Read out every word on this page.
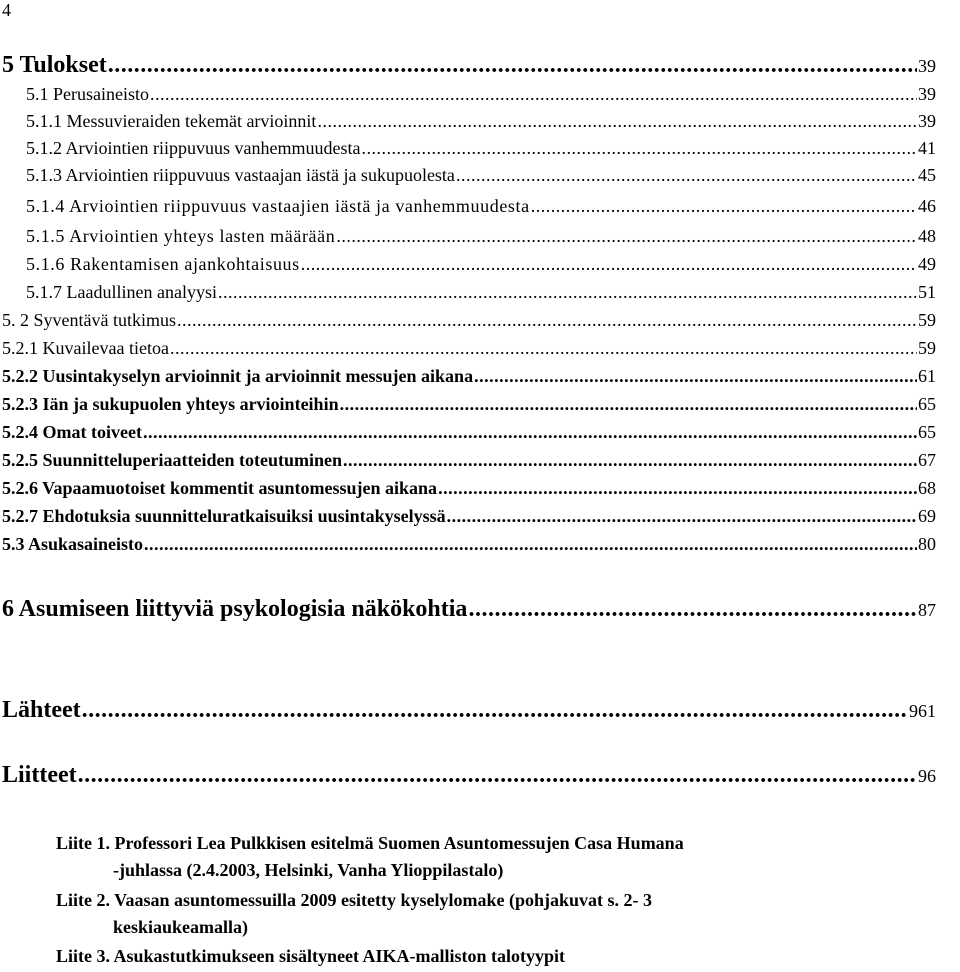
4
5 Tulokset .....	39
5.1 Perusaineisto .....	39
5.1.1 Messuvieraiden tekemät arvioinnit .....	39
5.1.2 Arviointien riippuvuus vanhemmuudesta .....	41
5.1.3 Arviointien riippuvuus vastaajan iästä ja sukupuolesta .....	45
5.1.4 Arviointien riippuvuus vastaajien iästä ja vanhemmuudesta .....	46
5.1.5 Arviointien yhteys lasten määrään .....	48
5.1.6 Rakentamisen ajankohtaisuus .....	49
5.1.7 Laadullinen analyysi .....	51
5. 2 Syventävä tutkimus .....	59
5.2.1 Kuvailevaa tietoa .....	59
5.2.2 Uusintakyselyn arvioinnit ja arvioinnit messujen aikana .....	61
5.2.3 Iän ja sukupuolen yhteys arviointeihin .....	65
5.2.4 Omat toiveet .....	65
5.2.5 Suunnitteluperiaatteiden toteutuminen .....	67
5.2.6 Vapaamuotoiset kommentit asuntomessujen aikana .....	68
5.2.7 Ehdotuksia suunnitteluratkaisuiksi uusintakyselyssä .....	69
5.3 Asukasaineisto .....	80
6 Asumiseen liittyviä psykologisia näkökohtia .....	87
Lähteet .....	961
Liitteet .....	96
Liite 1. Professori Lea Pulkkisen esitelmä Suomen Asuntomessujen Casa Humana
-juhlassa (2.4.2003, Helsinki, Vanha Ylioppilastalo)
Liite 2. Vaasan asuntomessuilla 2009 esitetty kyselylomake (pohjakuvat s. 2- 3
keskiaukeamalla)
Liite 3. Asukastutkimukseen sisältyneet AIKA-malliston talotyypit
